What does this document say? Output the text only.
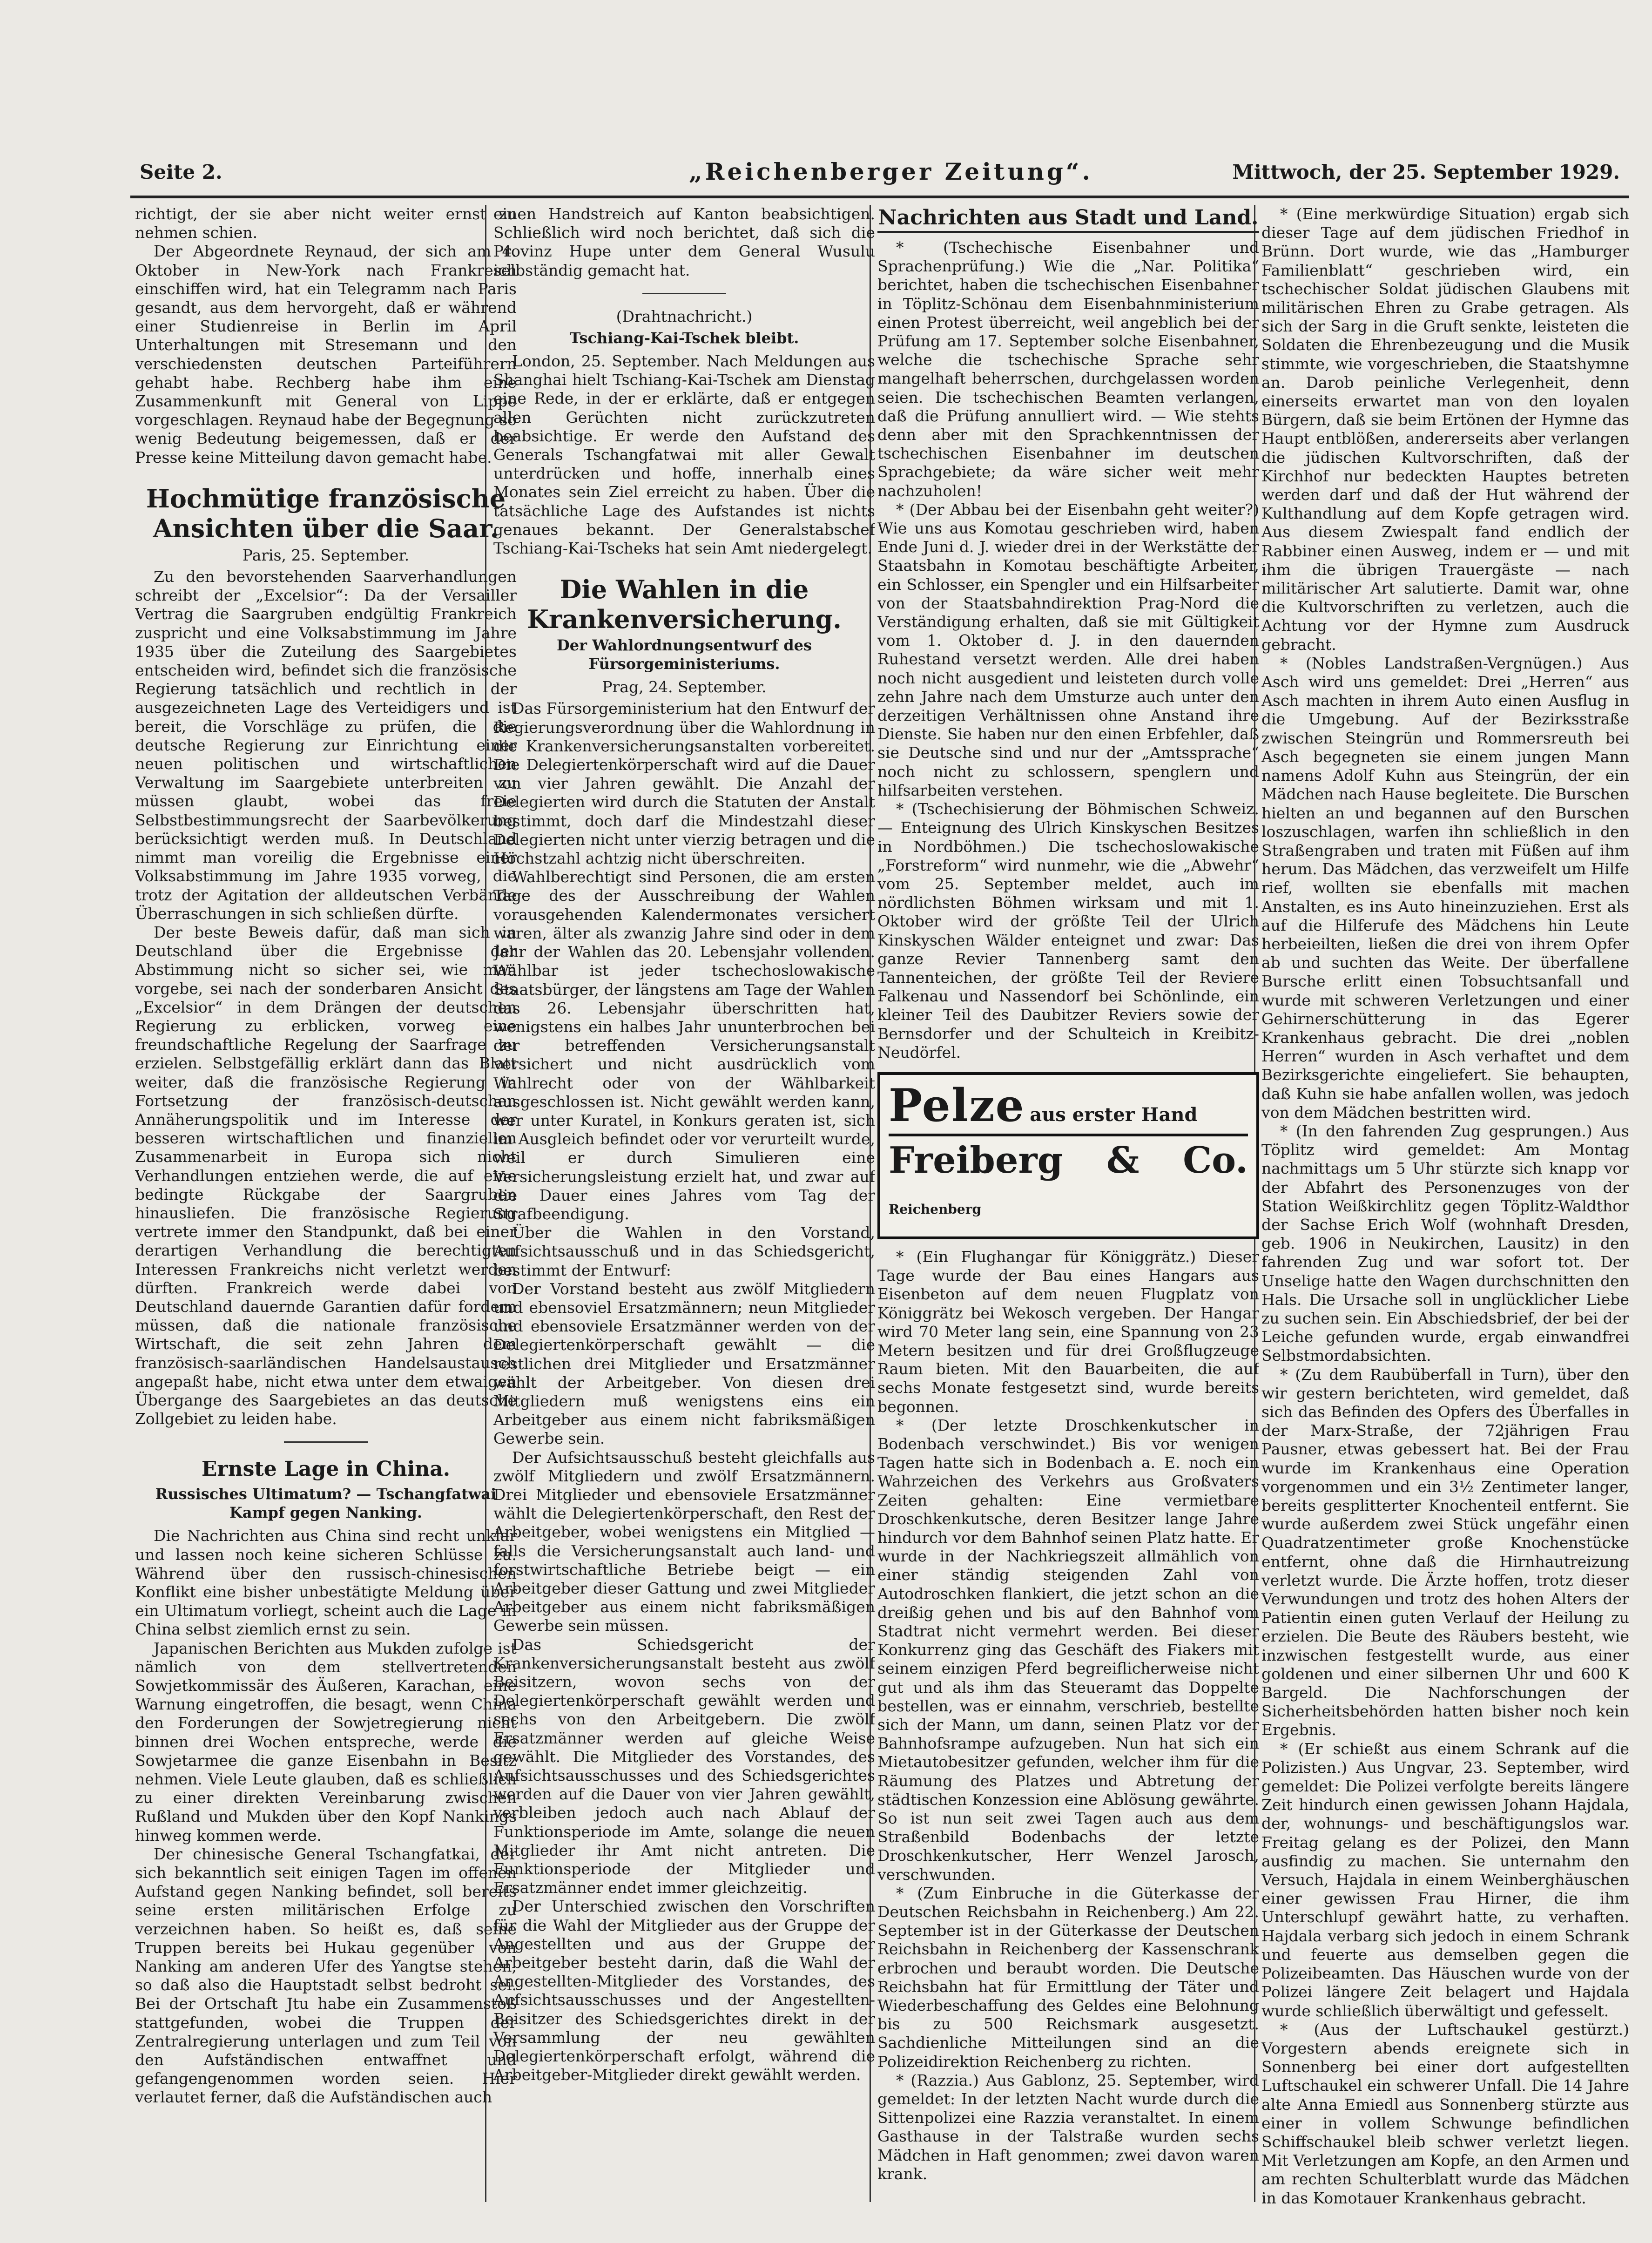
Seite 2.	„Reichenberger Zeitung“.	Mittwoch, der 25. September 1929.

richtigt, der sie aber nicht weiter ernst zu nehmen schien.

Der Abgeordnete Reynaud, der sich am 4. Oktober in New-York nach Frankreich einschiffen wird, hat ein Telegramm nach Paris gesandt, aus dem hervorgeht, daß er während einer Studienreise in Berlin im April Unterhaltungen mit Stresemann und den verschiedensten deutschen Parteiführern gehabt habe. Rechberg habe ihm eine Zusammenkunft mit General von Lippe vorgeschlagen. Reynaud habe der Begegnung so wenig Bedeutung beigemessen, daß er der Presse keine Mitteilung davon gemacht habe.

Hochmütige französische Ansichten über die Saar.
Paris, 25. September.

Zu den bevorstehenden Saarverhandlungen schreibt der „Excelsior“: Da der Versailler Vertrag die Saargruben endgültig Frankreich zuspricht und eine Volksabstimmung im Jahre 1935 über die Zuteilung des Saargebietes entscheiden wird, befindet sich die französische Regierung tatsächlich und rechtlich in der ausgezeichneten Lage des Verteidigers und ist bereit, die Vorschläge zu prüfen, die die deutsche Regierung zur Einrichtung einer neuen politischen und wirtschaftlichen Verwaltung im Saargebiete unterbreiten zu müssen glaubt, wobei das freie Selbstbestimmungsrecht der Saarbevölkerung berücksichtigt werden muß. In Deutschland nimmt man voreilig die Ergebnisse einer Volksabstimmung im Jahre 1935 vorweg, die trotz der Agitation der alldeutschen Verbände Überraschungen in sich schließen dürfte.

Der beste Beweis dafür, daß man sich in Deutschland über die Ergebnisse der Abstimmung nicht so sicher sei, wie man vorgebe, sei nach der sonderbaren Ansicht des „Excelsior“ in dem Drängen der deutschen Regierung zu erblicken, vorweg eine freundschaftliche Regelung der Saarfrage zu erzielen. Selbstgefällig erklärt dann das Blatt weiter, daß die französische Regierung in Fortsetzung der französisch-deutschen Annäherungspolitik und im Interesse der besseren wirtschaftlichen und finanziellen Zusammenarbeit in Europa sich nicht Verhandlungen entziehen werde, die auf eine bedingte Rückgabe der Saargruben hinausliefen. Die französische Regierung vertrete immer den Standpunkt, daß bei einer derartigen Verhandlung die berechtigten Interessen Frankreichs nicht verletzt werden dürften. Frankreich werde dabei von Deutschland dauernde Garantien dafür fordern müssen, daß die nationale französische Wirtschaft, die seit zehn Jahren dem französisch-saarländischen Handelsaustausch angepaßt habe, nicht etwa unter dem etwaigen Übergange des Saargebietes an das deutsche Zollgebiet zu leiden habe.

Ernste Lage in China.
Russisches Ultimatum? — Tschangfatwai Kampf gegen Nanking.

Die Nachrichten aus China sind recht unklar und lassen noch keine sicheren Schlüsse zu. Während über den russisch-chinesischen Konflikt eine bisher unbestätigte Meldung über ein Ultimatum vorliegt, scheint auch die Lage in China selbst ziemlich ernst zu sein.

Japanischen Berichten aus Mukden zufolge ist nämlich von dem stellvertretenden Sowjetkommissär des Äußeren, Karachan, eine Warnung eingetroffen, die besagt, wenn China den Forderungen der Sowjetregierung nicht binnen drei Wochen entspreche, werde die Sowjetarmee die ganze Eisenbahn in Besitz nehmen. Viele Leute glauben, daß es schließlich zu einer direkten Vereinbarung zwischen Rußland und Mukden über den Kopf Nankings hinweg kommen werde.

Der chinesische General Tschangfatkai, der sich bekanntlich seit einigen Tagen im offenen Aufstand gegen Nanking befindet, soll bereits seine ersten militärischen Erfolge zu verzeichnen haben. So heißt es, daß seine Truppen bereits bei Hukau gegenüber von Nanking am anderen Ufer des Yangtse stehen, so daß also die Hauptstadt selbst bedroht sei. Bei der Ortschaft Jtu habe ein Zusammenstoß stattgefunden, wobei die Truppen der Zentralregierung unterlagen und zum Teil von den Aufständischen entwaffnet und gefangengenommen worden seien. Hier verlautet ferner, daß die Aufständischen auch

einen Handstreich auf Kanton beabsichtigen. Schließlich wird noch berichtet, daß sich die Provinz Hupe unter dem General Wusulu selbständig gemacht hat.

(Drahtnachricht.)
Tschiang-Kai-Tschek bleibt.

London, 25. September. Nach Meldungen aus Shanghai hielt Tschiang-Kai-Tschek am Dienstag eine Rede, in der er erklärte, daß er entgegen allen Gerüchten nicht zurückzutreten beabsichtige. Er werde den Aufstand des Generals Tschangfatwai mit aller Gewalt unterdrücken und hoffe, innerhalb eines Monates sein Ziel erreicht zu haben. Über die tatsächliche Lage des Aufstandes ist nichts genaues bekannt. Der Generalstabschef Tschiang-Kai-Tscheks hat sein Amt niedergelegt.

Die Wahlen in die Krankenversicherung.
Der Wahlordnungsentwurf des Fürsorgeministeriums.
Prag, 24. September.

Das Fürsorgeministerium hat den Entwurf der Regierungsverordnung über die Wahlordnung in die Krankenversicherungsanstalten vorbereitet. Die Delegiertenkörperschaft wird auf die Dauer von vier Jahren gewählt. Die Anzahl der Delegierten wird durch die Statuten der Anstalt bestimmt, doch darf die Mindestzahl dieser Delegierten nicht unter vierzig betragen und die Höchstzahl achtzig nicht überschreiten.

Wahlberechtigt sind Personen, die am ersten Tage des der Ausschreibung der Wahlen vorausgehenden Kalendermonates versichert waren, älter als zwanzig Jahre sind oder in dem Jahr der Wahlen das 20. Lebensjahr vollenden. Wählbar ist jeder tschechoslowakische Staatsbürger, der längstens am Tage der Wahlen das 26. Lebensjahr überschritten hat, wenigstens ein halbes Jahr ununterbrochen bei der betreffenden Versicherungsanstalt versichert und nicht ausdrücklich vom Wahlrecht oder von der Wählbarkeit ausgeschlossen ist. Nicht gewählt werden kann, wer unter Kuratel, in Konkurs geraten ist, sich im Ausgleich befindet oder vor verurteilt wurde, weil er durch Simulieren eine Versicherungsleistung erzielt hat, und zwar auf die Dauer eines Jahres vom Tag der Strafbeendigung.

Über die Wahlen in den Vorstand, Aufsichtsausschuß und in das Schiedsgericht, bestimmt der Entwurf:

Der Vorstand besteht aus zwölf Mitgliedern und ebensoviel Ersatzmännern; neun Mitglieder und ebensoviele Ersatzmänner werden von der Delegiertenkörperschaft gewählt — die restlichen drei Mitglieder und Ersatzmänner wählt der Arbeitgeber. Von diesen drei Mitgliedern muß wenigstens eins ein Arbeitgeber aus einem nicht fabriksmäßigen Gewerbe sein.

Der Aufsichtsausschuß besteht gleichfalls aus zwölf Mitgliedern und zwölf Ersatzmännern. Drei Mitglieder und ebensoviele Ersatzmänner wählt die Delegiertenkörperschaft, den Rest der Arbeitgeber, wobei wenigstens ein Mitglied — falls die Versicherungsanstalt auch land- und forstwirtschaftliche Betriebe beigt — ein Arbeitgeber dieser Gattung und zwei Mitglieder Arbeitgeber aus einem nicht fabriksmäßigen Gewerbe sein müssen.

Das Schiedsgericht der Krankenversicherungsanstalt besteht aus zwölf Beisitzern, wovon sechs von der Delegiertenkörperschaft gewählt werden und sechs von den Arbeitgebern. Die zwölf Ersatzmänner werden auf gleiche Weise gewählt. Die Mitglieder des Vorstandes, des Aufsichtsausschusses und des Schiedsgerichtes werden auf die Dauer von vier Jahren gewählt, verbleiben jedoch auch nach Ablauf der Funktionsperiode im Amte, solange die neuen Mitglieder ihr Amt nicht antreten. Die Funktionsperiode der Mitglieder und Ersatzmänner endet immer gleichzeitig.

Der Unterschied zwischen den Vorschriften für die Wahl der Mitglieder aus der Gruppe der Angestellten und aus der Gruppe der Arbeitgeber besteht darin, daß die Wahl der Angestellten-Mitglieder des Vorstandes, des Aufsichtsausschusses und der Angestellten-Beisitzer des Schiedsgerichtes direkt in der Versammlung der neu gewählten Delegiertenkörperschaft erfolgt, während die Arbeitgeber-Mitglieder direkt gewählt werden.

Nachrichten aus Stadt und Land.

* (Tschechische Eisenbahner und Sprachenprüfung.) Wie die „Nar. Politika“ berichtet, haben die tschechischen Eisenbahner in Töplitz-Schönau dem Eisenbahnministerium einen Protest überreicht, weil angeblich bei der Prüfung am 17. September solche Eisenbahner, welche die tschechische Sprache sehr mangelhaft beherrschen, durchgelassen worden seien. Die tschechischen Beamten verlangen, daß die Prüfung annulliert wird. — Wie stehts denn aber mit den Sprachkenntnissen der tschechischen Eisenbahner im deutschen Sprachgebiete; da wäre sicher weit mehr nachzuholen!

* (Der Abbau bei der Eisenbahn geht weiter?) Wie uns aus Komotau geschrieben wird, haben Ende Juni d. J. wieder drei in der Werkstätte der Staatsbahn in Komotau beschäftigte Arbeiter, ein Schlosser, ein Spengler und ein Hilfsarbeiter von der Staatsbahndirektion Prag-Nord die Verständigung erhalten, daß sie mit Gültigkeit vom 1. Oktober d. J. in den dauernden Ruhestand versetzt werden. Alle drei haben noch nicht ausgedient und leisteten durch volle zehn Jahre nach dem Umsturze auch unter den derzeitigen Verhältnissen ohne Anstand ihre Dienste. Sie haben nur den einen Erbfehler, daß sie Deutsche sind und nur der „Amtssprache“ noch nicht zu schlossern, spenglern und hilfsarbeiten verstehen.

* (Tschechisierung der Böhmischen Schweiz. — Enteignung des Ulrich Kinskyschen Besitzes in Nordböhmen.) Die tschechoslowakische „Forstreform“ wird nunmehr, wie die „Abwehr“ vom 25. September meldet, auch im nördlichsten Böhmen wirksam und mit 1. Oktober wird der größte Teil der Ulrich Kinskyschen Wälder enteignet und zwar: Das ganze Revier Tannenberg samt den Tannenteichen, der größte Teil der Reviere Falkenau und Nassendorf bei Schönlinde, ein kleiner Teil des Daubitzer Reviers sowie der Bernsdorfer und der Schulteich in Kreibitz-Neudörfel.

Pelze aus erster Hand
Freiberg & Co. Reichenberg

* (Ein Flughangar für Königgrätz.) Dieser Tage wurde der Bau eines Hangars aus Eisenbeton auf dem neuen Flugplatz von Königgrätz bei Wekosch vergeben. Der Hangar wird 70 Meter lang sein, eine Spannung von 23 Metern besitzen und für drei Großflugzeuge Raum bieten. Mit den Bauarbeiten, die auf sechs Monate festgesetzt sind, wurde bereits begonnen.

* (Der letzte Droschkenkutscher in Bodenbach verschwindet.) Bis vor wenigen Tagen hatte sich in Bodenbach a. E. noch ein Wahrzeichen des Verkehrs aus Großvaters Zeiten gehalten: Eine vermietbare Droschkenkutsche, deren Besitzer lange Jahre hindurch vor dem Bahnhof seinen Platz hatte. Er wurde in der Nachkriegszeit allmählich von einer ständig steigenden Zahl von Autodroschken flankiert, die jetzt schon an die dreißig gehen und bis auf den Bahnhof vom Stadtrat nicht vermehrt werden. Bei dieser Konkurrenz ging das Geschäft des Fiakers mit seinem einzigen Pferd begreiflicherweise nicht gut und als ihm das Steueramt das Doppelte bestellen, was er einnahm, verschrieb, bestellte sich der Mann, um dann, seinen Platz vor der Bahnhofsrampe aufzugeben. Nun hat sich ein Mietautobesitzer gefunden, welcher ihm für die Räumung des Platzes und Abtretung der städtischen Konzession eine Ablösung gewährte. So ist nun seit zwei Tagen auch aus dem Straßenbild Bodenbachs der letzte Droschkenkutscher, Herr Wenzel Jarosch, verschwunden.

* (Zum Einbruche in die Güterkasse der Deutschen Reichsbahn in Reichenberg.) Am 22. September ist in der Güterkasse der Deutschen Reichsbahn in Reichenberg der Kassenschrank erbrochen und beraubt worden. Die Deutsche Reichsbahn hat für Ermittlung der Täter und Wiederbeschaffung des Geldes eine Belohnung bis zu 500 Reichsmark ausgesetzt. Sachdienliche Mitteilungen sind an die Polizeidirektion Reichenberg zu richten.

* (Razzia.) Aus Gablonz, 25. September, wird gemeldet: In der letzten Nacht wurde durch die Sittenpolizei eine Razzia veranstaltet. In einem Gasthause in der Talstraße wurden sechs Mädchen in Haft genommen; zwei davon waren krank.

* (Eine merkwürdige Situation) ergab sich dieser Tage auf dem jüdischen Friedhof in Brünn. Dort wurde, wie das „Hamburger Familienblatt“ geschrieben wird, ein tschechischer Soldat jüdischen Glaubens mit militärischen Ehren zu Grabe getragen. Als sich der Sarg in die Gruft senkte, leisteten die Soldaten die Ehrenbezeugung und die Musik stimmte, wie vorgeschrieben, die Staatshymne an. Darob peinliche Verlegenheit, denn einerseits erwartet man von den loyalen Bürgern, daß sie beim Ertönen der Hymne das Haupt entblößen, andererseits aber verlangen die jüdischen Kultvorschriften, daß der Kirchhof nur bedeckten Hauptes betreten werden darf und daß der Hut während der Kulthandlung auf dem Kopfe getragen wird. Aus diesem Zwiespalt fand endlich der Rabbiner einen Ausweg, indem er — und mit ihm die übrigen Trauergäste — nach militärischer Art salutierte. Damit war, ohne die Kultvorschriften zu verletzen, auch die Achtung vor der Hymne zum Ausdruck gebracht.

* (Nobles Landstraßen-Vergnügen.) Aus Asch wird uns gemeldet: Drei „Herren“ aus Asch machten in ihrem Auto einen Ausflug in die Umgebung. Auf der Bezirksstraße zwischen Steingrün und Rommersreuth bei Asch begegneten sie einem jungen Mann namens Adolf Kuhn aus Steingrün, der ein Mädchen nach Hause begleitete. Die Burschen hielten an und begannen auf den Burschen loszuschlagen, warfen ihn schließlich in den Straßengraben und traten mit Füßen auf ihm herum. Das Mädchen, das verzweifelt um Hilfe rief, wollten sie ebenfalls mit machen Anstalten, es ins Auto hineinzuziehen. Erst als auf die Hilferufe des Mädchens hin Leute herbeieilten, ließen die drei von ihrem Opfer ab und suchten das Weite. Der überfallene Bursche erlitt einen Tobsuchtsanfall und wurde mit schweren Verletzungen und einer Gehirnerschütterung in das Egerer Krankenhaus gebracht. Die drei „noblen Herren“ wurden in Asch verhaftet und dem Bezirksgerichte eingeliefert. Sie behaupten, daß Kuhn sie habe anfallen wollen, was jedoch von dem Mädchen bestritten wird.

* (In den fahrenden Zug gesprungen.) Aus Töplitz wird gemeldet: Am Montag nachmittags um 5 Uhr stürzte sich knapp vor der Abfahrt des Personenzuges von der Station Weißkirchlitz gegen Töplitz-Waldthor der Sachse Erich Wolf (wohnhaft Dresden, geb. 1906 in Neukirchen, Lausitz) in den fahrenden Zug und war sofort tot. Der Unselige hatte den Wagen durchschnitten den Hals. Die Ursache soll in unglücklicher Liebe zu suchen sein. Ein Abschiedsbrief, der bei der Leiche gefunden wurde, ergab einwandfrei Selbstmordabsichten.

* (Zu dem Raubüberfall in Turn), über den wir gestern berichteten, wird gemeldet, daß sich das Befinden des Opfers des Überfalles in der Marx-Straße, der 72jährigen Frau Pausner, etwas gebessert hat. Bei der Frau wurde im Krankenhaus eine Operation vorgenommen und ein 3½ Zentimeter langer, bereits gesplitterter Knochenteil entfernt. Sie wurde außerdem zwei Stück ungefähr einen Quadratzentimeter große Knochenstücke entfernt, ohne daß die Hirnhautreizung verletzt wurde. Die Ärzte hoffen, trotz dieser Verwundungen und trotz des hohen Alters der Patientin einen guten Verlauf der Heilung zu erzielen. Die Beute des Räubers besteht, wie inzwischen festgestellt wurde, aus einer goldenen und einer silbernen Uhr und 600 K Bargeld. Die Nachforschungen der Sicherheitsbehörden hatten bisher noch kein Ergebnis.

* (Er schießt aus einem Schrank auf die Polizisten.) Aus Ungvar, 23. September, wird gemeldet: Die Polizei verfolgte bereits längere Zeit hindurch einen gewissen Johann Hajdala, der, wohnungs- und beschäftigungslos war. Freitag gelang es der Polizei, den Mann ausfindig zu machen. Sie unternahm den Versuch, Hajdala in einem Weinberghäuschen einer gewissen Frau Hirner, die ihm Unterschlupf gewährt hatte, zu verhaften. Hajdala verbarg sich jedoch in einem Schrank und feuerte aus demselben gegen die Polizeibeamten. Das Häuschen wurde von der Polizei längere Zeit belagert und Hajdala wurde schließlich überwältigt und gefesselt.

* (Aus der Luftschaukel gestürzt.) Vorgestern abends ereignete sich in Sonnenberg bei einer dort aufgestellten Luftschaukel ein schwerer Unfall. Die 14 Jahre alte Anna Emiedl aus Sonnenberg stürzte aus einer in vollem Schwunge befindlichen Schiffschaukel bleib schwer verletzt liegen. Mit Verletzungen am Kopfe, an den Armen und am rechten Schulterblatt wurde das Mädchen in das Komotauer Krankenhaus gebracht.
